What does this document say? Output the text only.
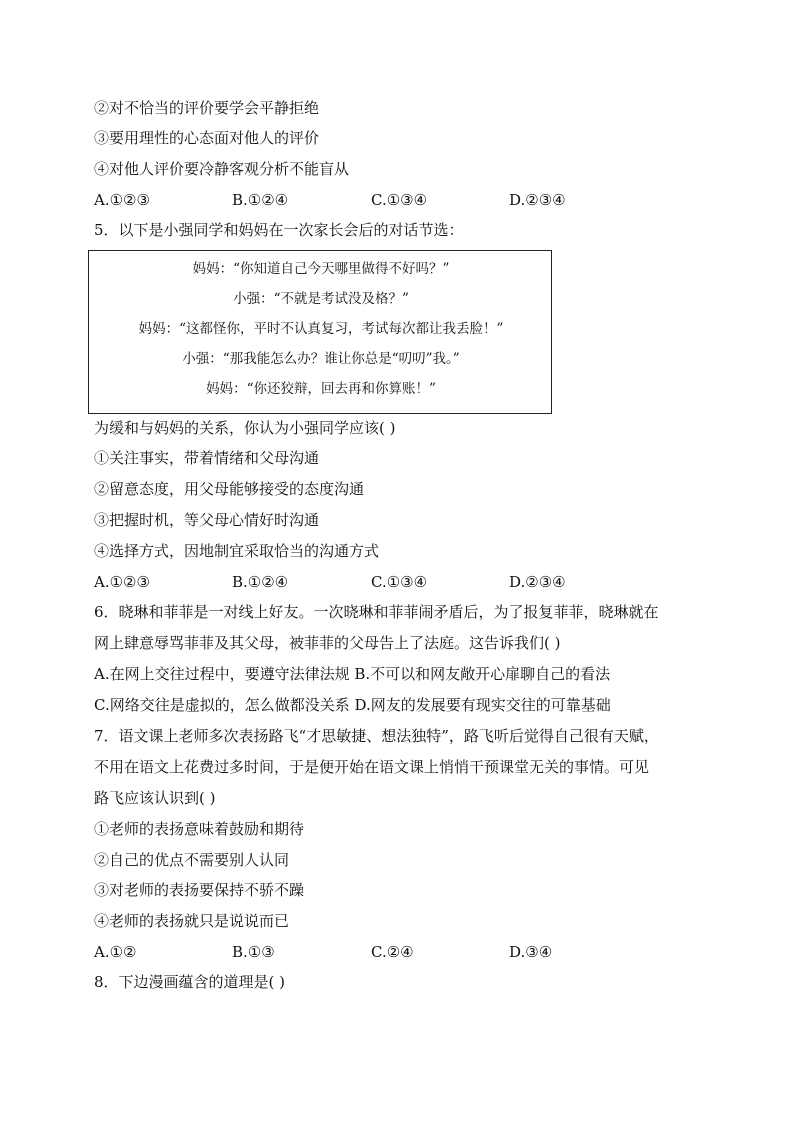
②对不恰当的评价要学会平静拒绝
③要用理性的心态面对他人的评价
④对他人评价要冷静客观分析不能盲从
A.①②③	B.①②④	C.①③④	D.②③④
5．以下是小强同学和妈妈在一次家长会后的对话节选：
妈妈：“你知道自己今天哪里做得不好吗？”
小强：“不就是考试没及格？”
妈妈：“这都怪你，平时不认真复习，考试每次都让我丢脸！”
小强：“那我能怎么办？谁让你总是“叨叨”我。”
妈妈：“你还狡辩，回去再和你算账！”
为缓和与妈妈的关系，你认为小强同学应该( )
①关注事实，带着情绪和父母沟通
②留意态度，用父母能够接受的态度沟通
③把握时机，等父母心情好时沟通
④选择方式，因地制宜采取恰当的沟通方式
A.①②③	B.①②④	C.①③④	D.②③④
6．晓琳和菲菲是一对线上好友。一次晓琳和菲菲闹矛盾后，为了报复菲菲，晓琳就在
网上肆意辱骂菲菲及其父母，被菲菲的父母告上了法庭。这告诉我们( )
A.在网上交往过程中，要遵守法律法规 B.不可以和网友敞开心扉聊自己的看法
C.网络交往是虚拟的，怎么做都没关系 D.网友的发展要有现实交往的可靠基础
7．语文课上老师多次表扬路飞“才思敏捷、想法独特”，路飞听后觉得自己很有天赋，
不用在语文上花费过多时间，于是便开始在语文课上悄悄干预课堂无关的事情。可见
路飞应该认识到( )
①老师的表扬意味着鼓励和期待
②自己的优点不需要别人认同
③对老师的表扬要保持不骄不躁
④老师的表扬就只是说说而已
A.①②	B.①③	C.②④	D.③④
8．下边漫画蕴含的道理是( )
